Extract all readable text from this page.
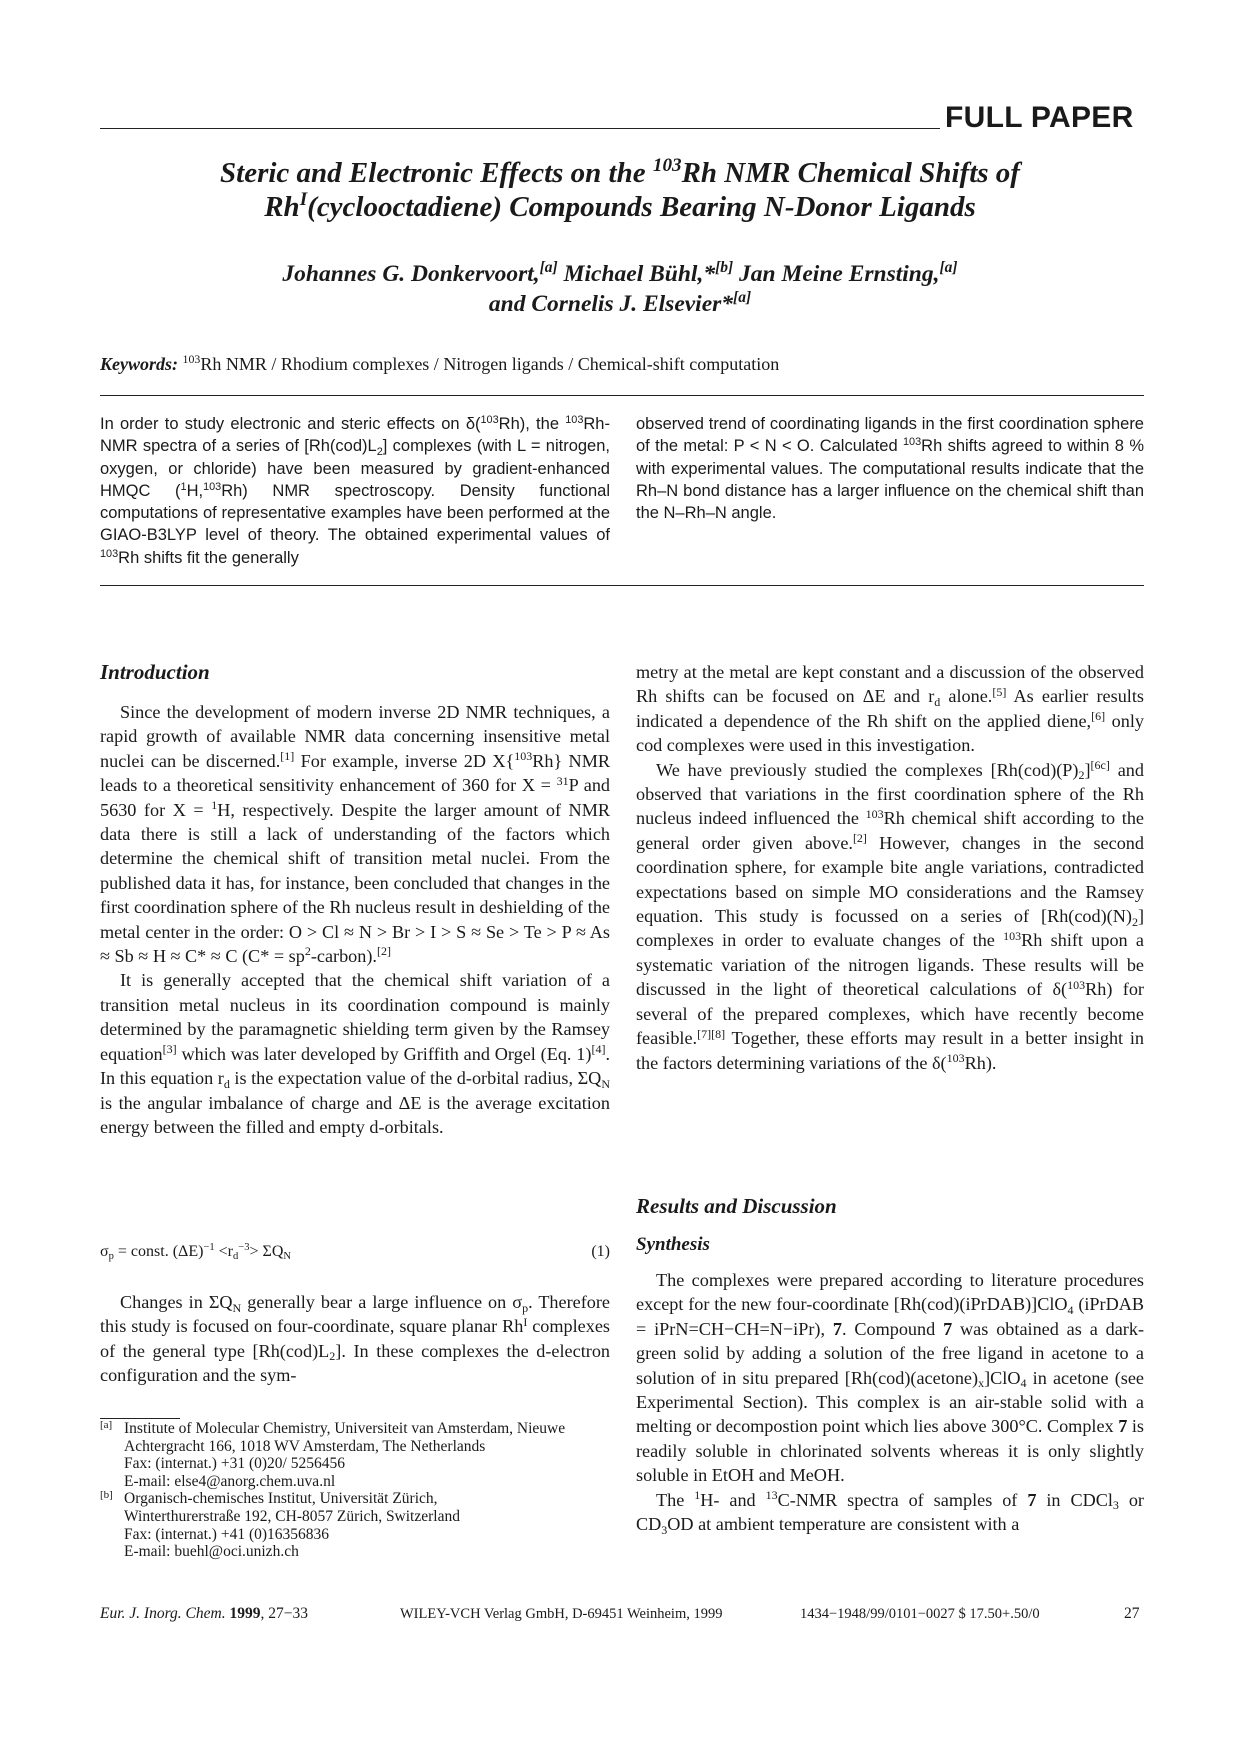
FULL PAPER
Steric and Electronic Effects on the $^{103}$Rh NMR Chemical Shifts of
$Rh^I(cyclooctadiene)$ Compounds Bearing N-Donor Ligands
Johannes G. Donkervoort,[a] Michael Bühl,*[b] Jan Meine Ernsting,[a]
and Cornelis J. Elsevier*[a]
Keywords: $^{103}$Rh NMR / Rhodium complexes / Nitrogen ligands / Chemical-shift computation
In order to study electronic and steric effects on δ($^{103}$Rh), the $^{103}$Rh-NMR spectra of a series of $[Rh(cod)L_2]$ complexes (with L = nitrogen, oxygen, or chloride) have been measured by gradient-enhanced HMQC ($^1$H,$^{103}$Rh) NMR spectroscopy. Density functional computations of representative examples have been performed at the GIAO-B3LYP level of theory. The obtained experimental values of $^{103}$Rh shifts fit the generally
observed trend of coordinating ligands in the first coordination sphere of the metal: P < N < O. Calculated $^{103}$Rh shifts agreed to within 8 % with experimental values. The computational results indicate that the Rh–N bond distance has a larger influence on the chemical shift than the N–Rh–N angle.
Introduction

Since the development of modern inverse 2D NMR techniques, a rapid growth of available NMR data concerning insensitive metal nuclei can be discerned.[1] For example, inverse 2D X{$^{103}$Rh} NMR leads to a theoretical sensitivity enhancement of 360 for X = $^{31}$P and 5630 for X = $^1$H, respectively. Despite the larger amount of NMR data there is still a lack of understanding of the factors which determine the chemical shift of transition metal nuclei. From the published data it has, for instance, been concluded that changes in the first coordination sphere of the Rh nucleus result in deshielding of the metal center in the order: O > Cl ≈ N > Br > I > S ≈ Se > Te > P ≈ As ≈ Sb ≈ H ≈ C* ≈ C $(C* = sp^2-carbon).[2]$

It is generally accepted that the chemical shift variation of a transition metal nucleus in its coordination compound is mainly determined by the paramagnetic shielding term given by the Ramsey equation[3] which was later developed by Griffith and Orgel (Eq. 1)[4]. In this equation $r_d$ is the expectation value of the d-orbital radius, $\Sigma Q_N$ is the angular imbalance of charge and ΔE is the average excitation energy between the filled and empty d-orbitals.

$\sigma_p$ = const. $(\Delta E)^{-1} <r_d^{-3}> \Sigma Q_N$	(1)

Changes in $\Sigma Q_N$ generally bear a large influence on $\sigma_p$. Therefore this study is focused on four-coordinate, square planar $Rh^I$ complexes of the general type $[Rh(cod)L_2]$. In these complexes the d-electron configuration and the sym-

[a] Institute of Molecular Chemistry, Universiteit van Amsterdam, Nieuwe Achtergracht 166, 1018 WV Amsterdam, The Netherlands
Fax: (internat.) +31 (0)20/ 5256456
E-mail: else4@anorg.chem.uva.nl
[b] Organisch-chemisches Institut, Universität Zürich,
Winterthurerstraße 192, CH-8057 Zürich, Switzerland
Fax: (internat.) +41 (0)16356836
E-mail: buehl@oci.unizh.ch

metry at the metal are kept constant and a discussion of the observed Rh shifts can be focused on ΔE and $r_d$ alone.[5] As earlier results indicated a dependence of the Rh shift on the applied diene,[6] only cod complexes were used in this investigation.

We have previously studied the complexes $[Rh(cod)(P)_2][6c]$ and observed that variations in the first coordination sphere of the Rh nucleus indeed influenced the $^{103}$Rh chemical shift according to the general order given above.[2] However, changes in the second coordination sphere, for example bite angle variations, contradicted expectations based on simple MO considerations and the Ramsey equation. This study is focussed on a series of $[Rh(cod)(N)_2]$ complexes in order to evaluate changes of the $^{103}$Rh shift upon a systematic variation of the nitrogen ligands. These results will be discussed in the light of theoretical calculations of δ($^{103}$Rh) for several of the prepared complexes, which have recently become feasible.[7][8] Together, these efforts may result in a better insight in the factors determining variations of the δ($^{103}$Rh).

Results and Discussion
Synthesis

The complexes were prepared according to literature procedures except for the new four-coordinate [Rh(cod)(iPrDAB)]ClO$_4$ (iPrDAB = iPrN=CH−CH=N−iPr), 7. Compound 7 was obtained as a dark-green solid by adding a solution of the free ligand in acetone to a solution of in situ prepared $[Rh(cod)(acetone)_x]ClO_4$ in acetone (see Experimental Section). This complex is an air-stable solid with a melting or decompostion point which lies above 300°C. Complex 7 is readily soluble in chlorinated solvents whereas it is only slightly soluble in EtOH and MeOH.

The $^1$H- and $^{13}$C-NMR spectra of samples of 7 in CDCl$_3$ or $CD_3OD$ at ambient temperature are consistent with a

Eur. J. Inorg. Chem. 1999, 27−33	WILEY-VCH Verlag GmbH, D-69451 Weinheim, 1999	1434−1948/99/0101−0027 $ 17.50+.50/0	27
